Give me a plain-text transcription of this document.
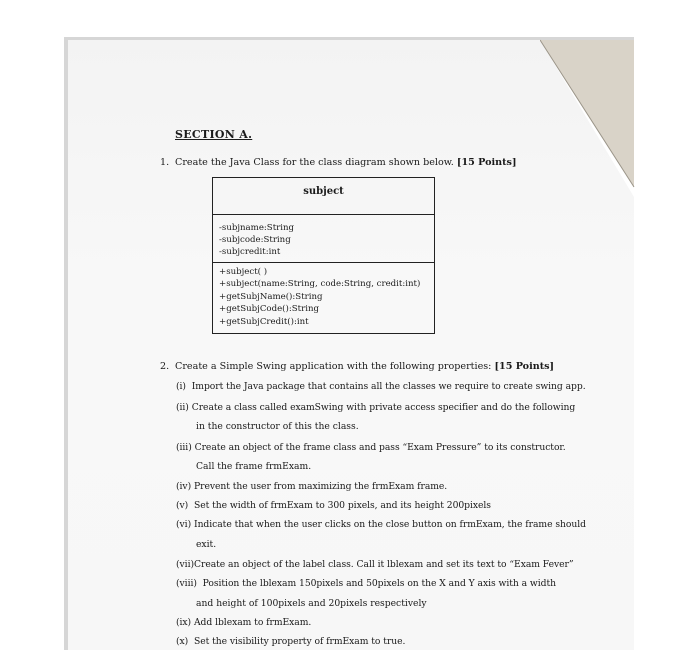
SECTION A.
1. Create the Java Class for the class diagram shown below. [15 Points]
subject
-subjname:String
-subjcode:String
-subjcredit:int
+subject( )
+subject(name:String, code:String, credit:int)
+getSubjName():String
+getSubjCode():String
+getSubjCredit():int
2. Create a Simple Swing application with the following properties: [15 Points]
(i) Import the Java package that contains all the classes we require to create swing app.
(ii) Create a class called examSwing with private access specifier and do the following
in the constructor of this the class.
(iii) Create an object of the frame class and pass “Exam Pressure” to its constructor.
Call the frame frmExam.
(iv) Prevent the user from maximizing the frmExam frame.
(v) Set the width of frmExam to 300 pixels, and its height 200pixels
(vi) Indicate that when the user clicks on the close button on frmExam, the frame should
exit.
(vii)Create an object of the label class. Call it lblexam and set its text to “Exam Fever”
(viii) Position the lblexam 150pixels and 50pixels on the X and Y axis with a width
and height of 100pixels and 20pixels respectively
(ix) Add lblexam to frmExam.
(x) Set the visibility property of frmExam to true.
